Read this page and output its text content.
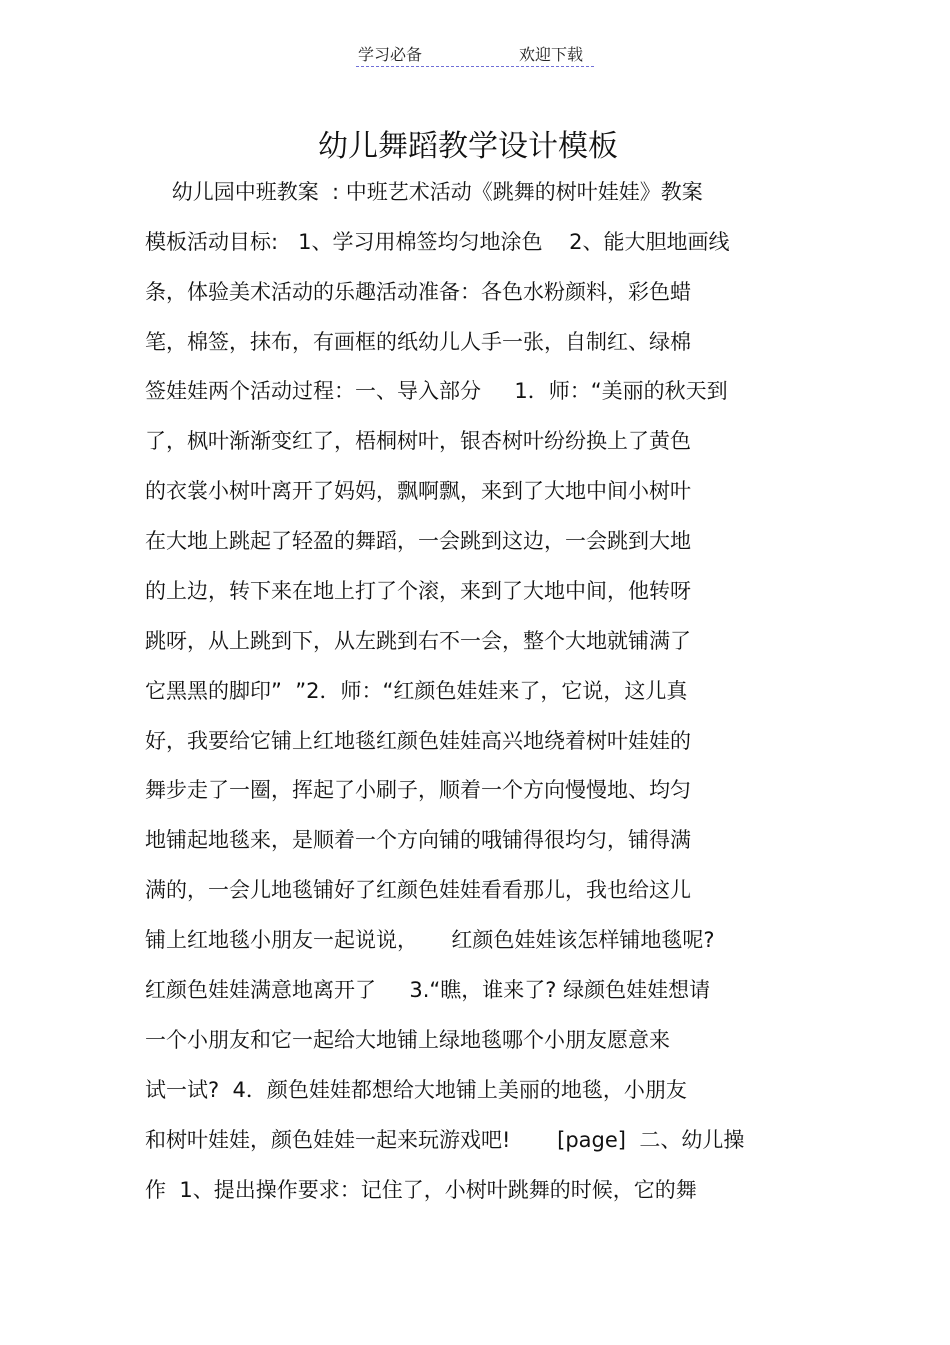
学习必备	欢迎下载
幼儿舞蹈教学设计模板
幼儿园中班教案  : 中班艺术活动《跳舞的树叶娃娃》教案
模板活动目标:   1、学习用棉签均匀地涂色    2、能大胆地画线
条，体验美术活动的乐趣活动准备：各色水粉颜料，彩色蜡
笔，棉签，抹布，有画框的纸幼儿人手一张，自制红、绿棉
签娃娃两个活动过程：一、导入部分     1．师：“美丽的秋天到
了，枫叶渐渐变红了，梧桐树叶，银杏树叶纷纷换上了黄色
的衣裳小树叶离开了妈妈，飘啊飘，来到了大地中间小树叶
在大地上跳起了轻盈的舞蹈，一会跳到这边，一会跳到大地
的上边，转下来在地上打了个滚，来到了大地中间，他转呀
跳呀，从上跳到下，从左跳到右不一会，整个大地就铺满了
它黑黑的脚印”  ”2．师：“红颜色娃娃来了，它说，这儿真
好，我要给它铺上红地毯红颜色娃娃高兴地绕着树叶娃娃的
舞步走了一圈，挥起了小刷子，顺着一个方向慢慢地、均匀
地铺起地毯来，是顺着一个方向铺的哦铺得很均匀，铺得满
满的，一会儿地毯铺好了红颜色娃娃看看那儿，我也给这儿
铺上红地毯小朋友一起说说，     红颜色娃娃该怎样铺地毯呢?
红颜色娃娃满意地离开了     3.“瞧，谁来了? 绿颜色娃娃想请
一个小朋友和它一起给大地铺上绿地毯哪个小朋友愿意来
试一试?  4．颜色娃娃都想给大地铺上美丽的地毯，小朋友
和树叶娃娃，颜色娃娃一起来玩游戏吧!       [page]  二、幼儿操
作  1、提出操作要求：记住了，小树叶跳舞的时候，它的舞
